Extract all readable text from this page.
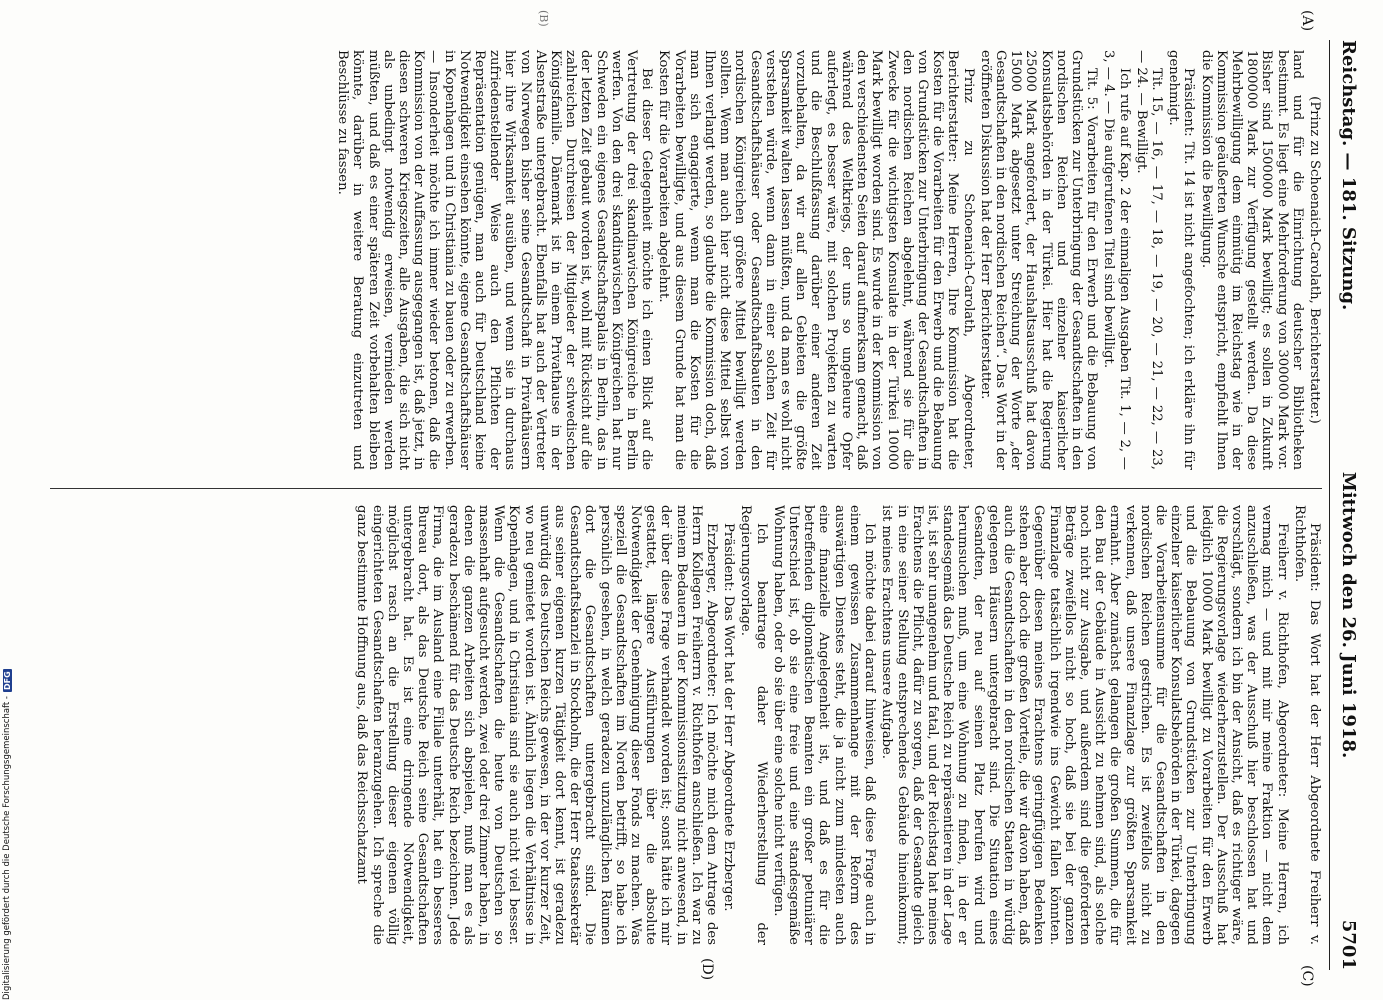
Reichstag. — 181. Sitzung.
Mittwoch den 26. Juni 1918.
5701
(A)
(B)
(C)
(D)

(Prinz zu Schoenaich-Carolath, Berichterstatter.)

land und für die Einrichtung deutscher Bibliotheken bestimmt. Es liegt eine Mehrforderung von 300000 Mark vor. Bisher sind 1500000 Mark bewilligt; es sollen in Zukunft 1800000 Mark zur Verfügung gestellt werden. Da diese Mehrbewilligung dem einmütig im Reichstag wie in der Kommission geäußerten Wunsche entspricht, empfiehlt Ihnen die Kommission die Bewilligung.

Präsident: Tit. 14 ist nicht angefochten; ich erkläre ihn für genehmigt.

Tit. 15, — 16, — 17, — 18, — 19, — 20, — 21, — 22, — 23, — 24. — Bewilligt.

Ich rufe auf Kap. 2 der einmaligen Ausgaben Tit. 1, — 2, — 3, — 4. — Die aufgerufenen Titel sind bewilligt.

Tit. 5: Vorarbeiten für den Erwerb und die Bebauung von Grundstücken zur Unterbringung der Gesandtschaften in den nordischen Reichen und einzelner kaiserlicher Konsulatsbehörden in der Türkei. Hier hat die Regierung 25000 Mark angefordert, der Haushaltsausschuß hat davon 15000 Mark abgesetzt unter Streichung der Worte „der Gesandtschaften in den nordischen Reichen“. Das Wort in der eröffneten Diskussion hat der Herr Berichterstatter.

Prinz zu Schoenaich-Carolath, Abgeordneter, Berichterstatter: Meine Herren, Ihre Kommission hat die Kosten für die Vorarbeiten für den Erwerb und die Bebauung von Grundstücken zur Unterbringung der Gesandtschaften in den nordischen Reichen abgelehnt, während sie für die Zwecke für die wichtigsten Konsulate in der Türkei 10000 Mark bewilligt worden sind. Es wurde in der Kommission von den verschiedensten Seiten darauf aufmerksam gemacht, daß während des Weltkriegs, der uns so ungeheure Opfer auferlegt, es besser wäre, mit solchen Projekten zu warten und die Beschlußfassung darüber einer anderen Zeit vorzubehalten, da wir auf allen Gebieten die größte Sparsamkeit walten lassen müßten, und da man es wohl nicht verstehen würde, wenn dann in einer solchen Zeit für Gesandtschaftshäuser oder Gesandtschaftsbauten in den nordischen Königreichen größere Mittel bewilligt werden sollten. Wenn man auch hier nicht diese Mittel selbst von Ihnen verlangt werden, so glaubte die Kommission doch, daß man sich engagierte, wenn man die Kosten für die Vorarbeiten bewilligte, und aus diesem Grunde hat man die Kosten für die Vorarbeiten abgelehnt.

Bei dieser Gelegenheit möchte ich einen Blick auf die Vertretung der drei skandinavischen Königreiche in Berlin werfen. Von den drei skandinavischen Königreichen hat nur Schweden ein eigenes Gesandtschaftspalais in Berlin, das in der letzten Zeit gebaut worden ist, wohl mit Rücksicht auf die zahlreichen Durchreisen der Mitglieder der schwedischen Königsfamilie. Dänemark ist in einem Privathause in der Alsenstraße untergebracht. Ebenfalls hat auch der Vertreter von Norwegen bisher seine Gesandtschaft in Privathäusern hier ihre Wirksamkeit ausüben, und wenn sie in durchaus zufriedenstellender Weise auch den Pflichten der Repräsentation genügen, man auch für Deutschland keine Notwendigkeit einsehen könnte, eigene Gesandtschaftshäuser in Kopenhagen und in Christiania zu bauen oder zu erwerben. — Insonderheit möchte ich immer wieder betonen, daß die Kommission von der Auffassung ausgegangen ist, daß jetzt, in diesen schweren Kriegszeiten, alle Ausgaben, die sich nicht als unbedingt notwendig erweisen, vermieden werden müßten, und daß es einer späteren Zeit vorbehalten bleiben könnte, darüber in weitere Beratung einzutreten und Beschlüsse zu fassen.

Präsident: Das Wort hat der Herr Abgeordnete Freiherr v. Richthofen.

Freiherr v. Richthofen, Abgeordneter: Meine Herren, ich vermag mich — und mit mir meine Fraktion — nicht dem anzuschließen, was der Ausschuß hier beschlossen hat und vorschlägt, sondern ich bin der Ansicht, daß es richtiger wäre, die Regierungsvorlage wiederherzustellen. Der Ausschuß hat lediglich 10000 Mark bewilligt zu Vorarbeiten für den Erwerb und die Bebauung von Grundstücken zur Unterbringung einzelner kaiserlicher Konsulatsbehörden in der Türkei, dagegen die Vorarbeitensumme für die Gesandtschaften in den nordischen Reichen gestrichen. Es ist zweifellos nicht zu verkennen, daß unsere Finanzlage zur größten Sparsamkeit ermahnt. Aber zunächst gelangen die großen Summen, die für den Bau der Gebäude in Aussicht zu nehmen sind, als solche noch nicht zur Ausgabe, und außerdem sind die geforderten Beträge zweifellos nicht so hoch, daß sie bei der ganzen Finanzlage tatsächlich irgendwie ins Gewicht fallen könnten. Gegenüber diesen meines Erachtens geringfügigen Bedenken stehen aber doch die großen Vorteile, die wir davon haben, daß auch die Gesandtschaften in den nordischen Staaten in würdig gelegenen Häusern untergebracht sind. Die Situation eines Gesandten, der neu auf seinen Platz berufen wird und herumsuchen muß, um eine Wohnung zu finden, in der er standesgemäß das Deutsche Reich zu repräsentieren in der Lage ist, ist sehr unangenehm und fatal, und der Reichstag hat meines Erachtens die Pflicht, dafür zu sorgen, daß der Gesandte gleich in eine seiner Stellung entsprechendes Gebäude hineinkommt; ist meines Erachtens unsere Aufgabe.

Ich möchte dabei darauf hinweisen, daß diese Frage auch in einem gewissen Zusammenhange mit der Reform des auswärtigen Dienstes steht, die ja nicht zum mindesten auch eine finanzielle Angelegenheit ist, und daß es für die betreffenden diplomatischen Beamten ein großer petuniärer Unterschied ist, ob sie eine freie und eine standesgemäße Wohnung haben, oder ob sie über eine solche nicht verfügen.

Ich beantrage daher Wiederherstellung der Regierungsvorlage.

Präsident: Das Wort hat der Herr Abgeordnete Erzberger.

Erzberger, Abgeordneter: Ich möchte mich dem Antrage des Herrn Kollegen Freiherrn v. Richthofen anschließen. Ich war zu meinem Bedauern in der Kommissionssitzung nicht anwesend, in der über diese Frage verhandelt worden ist; sonst hätte ich mir gestattet, längere Ausführungen über die absolute Notwendigkeit der Genehmigung dieser Fonds zu machen. Was speziell die Gesandtschaften im Norden betrifft, so habe ich persönlich gesehen, in welch geradezu unzulänglichen Räumen dort die Gesandtschaften untergebracht sind. Die Gesandtschaftskanzlei in Stockholm, die der Herr Staatssekretär aus seiner eigenen kurzen Tätigkeit dort kennt, ist geradezu unwürdig des Deutschen Reichs gewesen, in der vor kurzer Zeit, wo neu gemietet worden ist. Ähnlich liegen die Verhältnisse in Kopenhagen, und in Christiania sind sie auch nicht viel besser. Wenn die Gesandtschaften die heute von Deutschen so massenhaft aufgesucht werden, zwei oder drei Zimmer haben, in denen die ganzen Arbeiten sich abspielen, muß man es als geradezu beschämend für das Deutsche Reich bezeichnen. Jede Firma, die im Ausland eine Filiale unterhält, hat ein besseres Bureau dort, als das Deutsche Reich seine Gesandtschaften untergebracht hat. Es ist eine dringende Notwendigkeit, möglichst rasch an die Erstellung dieser eigenen völlig eingerichteten Gesandtschaften heranzugehen. Ich spreche die ganz bestimmte Hoffnung aus, daß das Reichsschatzamt

Digitalisierung gefördert durch die Deutsche Forschungsgemeinschaft -
DFG
